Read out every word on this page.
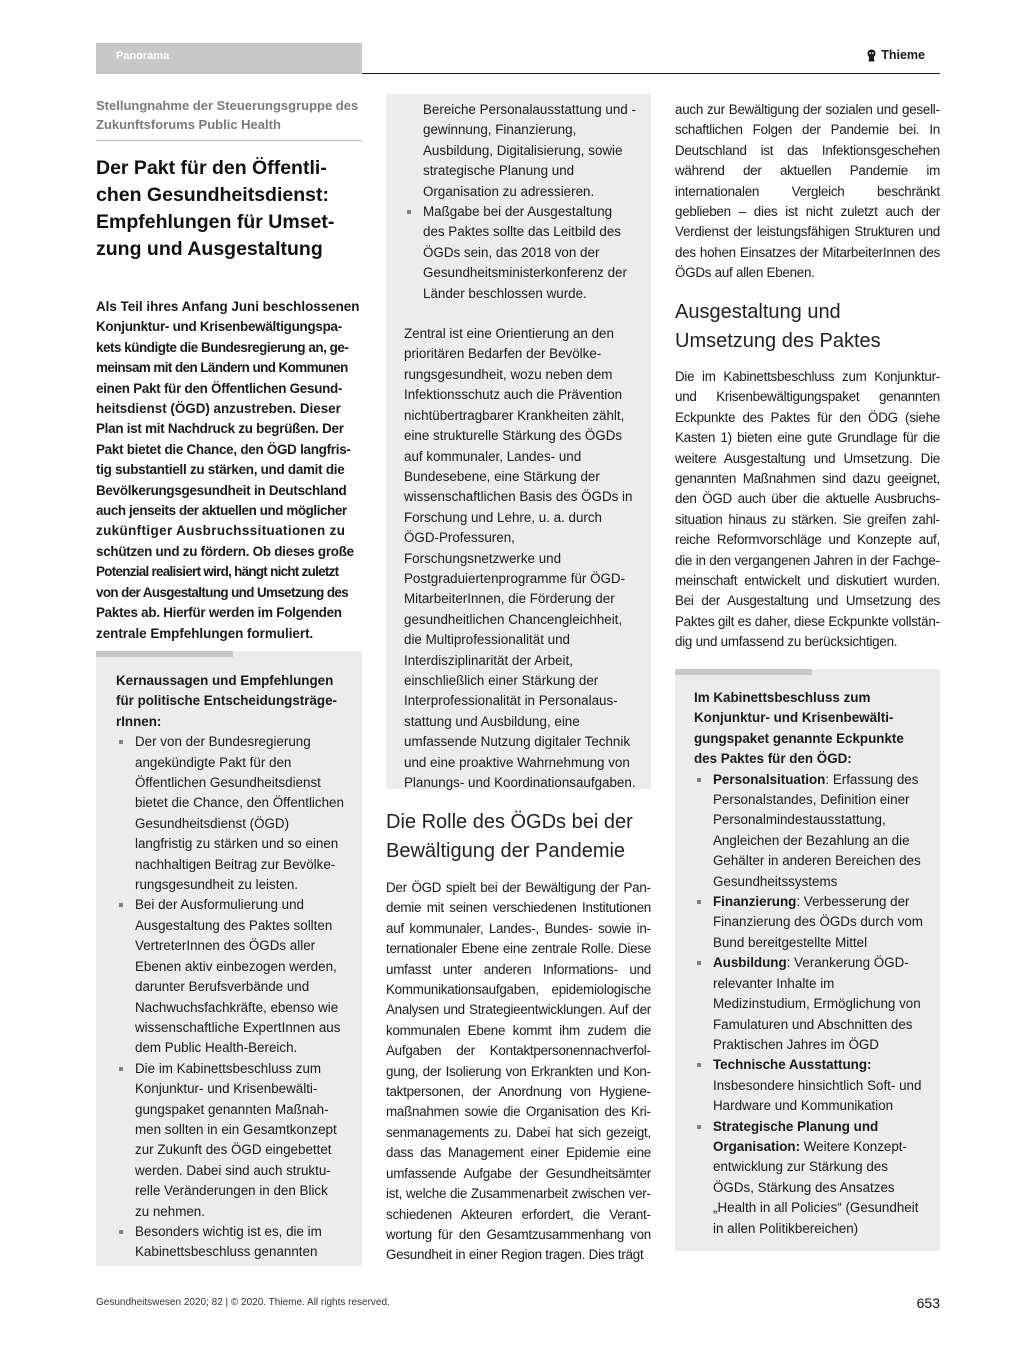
Panorama	Thieme
Stellungnahme der Steuerungsgruppe des Zukunftsforums Public Health
Der Pakt für den Öffentlichen Gesundheitsdienst: Empfehlungen für Umsetzung und Ausgestaltung
Als Teil ihres Anfang Juni beschlossenen
Konjunktur- und Krisenbewältigungspa-
kets kündigte die Bundesregierung an, ge-
meinsam mit den Ländern und Kommunen
einen Pakt für den Öffentlichen Gesund-
heitsdienst (ÖGD) anzustreben. Dieser
Plan ist mit Nachdruck zu begrüßen. Der
Pakt bietet die Chance, den ÖGD langfris-
tig substantiell zu stärken, und damit die
Bevölkerungsgesundheit in Deutschland
auch jenseits der aktuellen und möglicher
zukünftiger Ausbruchssituationen zu
schützen und zu fördern. Ob dieses große
Potenzial realisiert wird, hängt nicht zuletzt
von der Ausgestaltung und Umsetzung des
Paktes ab. Hierfür werden im Folgenden
zentrale Empfehlungen formuliert.

Kernaussagen und Empfehlungen für politische EntscheidungsträgerInnen:

Der von der Bundesregierung angekündigte Pakt für den Öffentlichen Gesundheitsdienst bietet die Chance, den Öffentlichen Gesundheitsdienst (ÖGD) langfristig zu stärken und so einen nachhaltigen Beitrag zur Bevölkerungsgesundheit zu leisten.
Bei der Ausformulierung und Ausgestaltung des Paktes sollten VertreterInnen des ÖGDs aller Ebenen aktiv einbezogen werden, darunter Berufsverbände und Nachwuchsfachkräfte, ebenso wie wissenschaftliche ExpertInnen aus dem Public Health-Bereich.
Die im Kabinettsbeschluss zum Konjunktur- und Krisenbewältigungspaket genannten Maßnahmen sollten in ein Gesamtkonzept zur Zukunft des ÖGD eingebettet werden. Dabei sind auch strukturelle Veränderungen in den Blick zu nehmen.
Besonders wichtig ist es, die im Kabinettsbeschluss genannten
Bereiche Personalausstattung und -gewinnung, Finanzierung, Ausbildung, Digitalisierung, sowie strategische Planung und Organisation zu adressieren.
Maßgabe bei der Ausgestaltung des Paktes sollte das Leitbild des ÖGDs sein, das 2018 von der Gesundheitsministerkonferenz der Länder beschlossen wurde.

Zentral ist eine Orientierung an den prioritären Bedarfen der Bevölkerungsgesundheit, wozu neben dem Infektionsschutz auch die Prävention nichtübertragbarer Krankheiten zählt, eine strukturelle Stärkung des ÖGDs auf kommunaler, Landes- und Bundesebene, eine Stärkung der wissenschaftlichen Basis des ÖGDs in Forschung und Lehre, u. a. durch ÖGD-Professuren, Forschungsnetzwerke und Postgraduiertenprogramme für ÖGD-MitarbeiterInnen, die Förderung der gesundheitlichen Chancengleichheit, die Multiprofessionalität und Interdisziplinarität der Arbeit, einschließlich einer Stärkung der Interprofessionalität in Personalausstattung und Ausbildung, eine umfassende Nutzung digitaler Technik und eine proaktive Wahrnehmung von Planungs- und Koordinationsaufgaben.

Die Rolle des ÖGDs bei der Bewältigung der Pandemie

Der ÖGD spielt bei der Bewältigung der Pandemie mit seinen verschiedenen Institutionen auf kommunaler, Landes-, Bundes- sowie internationaler Ebene eine zentrale Rolle. Diese umfasst unter anderen Informations- und Kommunikationsaufgaben, epidemiologische Analysen und Strategieentwicklungen. Auf der kommunalen Ebene kommt ihm zudem die Aufgaben der Kontaktpersonennachverfolgung, der Isolierung von Erkrankten und Kontaktpersonen, der Anordnung von Hygienemaßnahmen sowie die Organisation des Krisenmanagements zu. Dabei hat sich gezeigt, dass das Management einer Epidemie eine umfassende Aufgabe der Gesundheitsämter ist, welche die Zusammenarbeit zwischen verschiedenen Akteuren erfordert, die Verantwortung für den Gesamtzusammenhang von Gesundheit in einer Region tragen. Dies trägt

auch zur Bewältigung der sozialen und gesellschaftlichen Folgen der Pandemie bei. In Deutschland ist das Infektionsgeschehen während der aktuellen Pandemie im internationalen Vergleich beschränkt geblieben – dies ist nicht zuletzt auch der Verdienst der leistungsfähigen Strukturen und des hohen Einsatzes der MitarbeiterInnen des ÖGDs auf allen Ebenen.

Ausgestaltung und Umsetzung des Paktes

Die im Kabinettsbeschluss zum Konjunktur- und Krisenbewältigungspaket genannten Eckpunkte des Paktes für den ÖDG (siehe Kasten 1) bieten eine gute Grundlage für die weitere Ausgestaltung und Umsetzung. Die genannten Maßnahmen sind dazu geeignet, den ÖGD auch über die aktuelle Ausbruchssituation hinaus zu stärken. Sie greifen zahlreiche Reformvorschläge und Konzepte auf, die in den vergangenen Jahren in der Fachgemeinschaft entwickelt und diskutiert wurden. Bei der Ausgestaltung und Umsetzung des Paktes gilt es daher, diese Eckpunkte vollständig und umfassend zu berücksichtigen.

Im Kabinettsbeschluss zum Konjunktur- und Krisenbewältigungspaket genannte Eckpunkte des Paktes für den ÖGD:

Personalsituation: Erfassung des Personalstandes, Definition einer Personalmindestausstattung, Angleichen der Bezahlung an die Gehälter in anderen Bereichen des Gesundheitssystems
Finanzierung: Verbesserung der Finanzierung des ÖGDs durch vom Bund bereitgestellte Mittel
Ausbildung: Verankerung ÖGD-relevanter Inhalte im Medizinstudium, Ermöglichung von Famulaturen und Abschnitten des Praktischen Jahres im ÖGD
Technische Ausstattung: Insbesondere hinsichtlich Soft- und Hardware und Kommunikation
Strategische Planung und Organisation: Weitere Konzeptentwicklung zur Stärkung des ÖGDs, Stärkung des Ansatzes „Health in all Policies“ (Gesundheit in allen Politikbereichen)
Gesundheitswesen 2020; 82 | © 2020. Thieme. All rights reserved.	653
